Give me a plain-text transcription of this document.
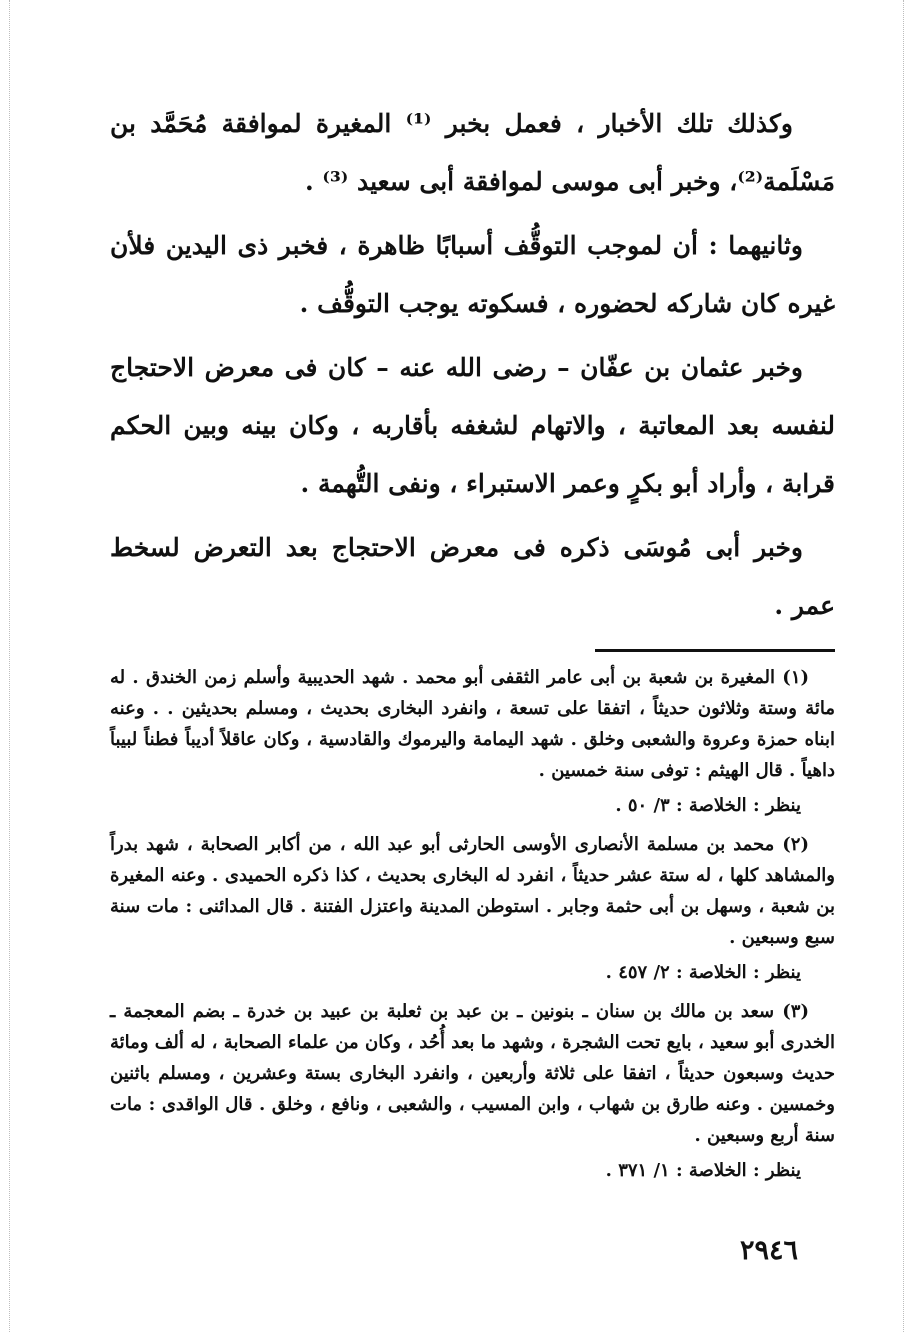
وكذلك تلك الأخبار ، فعمل بخبر ⁽¹⁾ المغيرة لموافقة مُحَمَّد بن مَسْلَمة⁽²⁾، وخبر أبى موسى لموافقة أبى سعيد ⁽³⁾ .

وثانيهما : أن لموجب التوقُّف أسبابًا ظاهرة ، فخبر ذى اليدين فلأن غيره كان شاركه لحضوره ، فسكوته يوجب التوقُّف .

وخبر عثمان بن عفّان – رضى الله عنه – كان فى معرض الاحتجاج لنفسه بعد المعاتبة ، والاتهام لشغفه بأقاربه ، وكان بينه وبين الحكم قرابة ، وأراد أبو بكرٍ وعمر الاستبراء ، ونفى التُّهمة .

وخبر أبى مُوسَى ذكره فى معرض الاحتجاج بعد التعرض لسخط عمر .

(١) المغيرة بن شعبة بن أبى عامر الثقفى أبو محمد . شهد الحديبية وأسلم زمن الخندق . له مائة وستة وثلاثون حديثاً ، اتفقا على تسعة ، وانفرد البخارى بحديث ، ومسلم بحديثين . . وعنه ابناه حمزة وعروة والشعبى وخلق . شهد اليمامة واليرموك والقادسية ، وكان عاقلاً أديباً فطناً لبيباً داهياً . قال الهيثم : توفى سنة خمسين .

ينظر : الخلاصة : ٣/ ٥٠ .

(٢) محمد بن مسلمة الأنصارى الأوسى الحارثى أبو عبد الله ، من أكابر الصحابة ، شهد بدراً والمشاهد كلها ، له ستة عشر حديثاً ، انفرد له البخارى بحديث ، كذا ذكره الحميدى . وعنه المغيرة بن شعبة ، وسهل بن أبى حثمة وجابر . استوطن المدينة واعتزل الفتنة . قال المدائنى : مات سنة سبع وسبعين .

ينظر : الخلاصة : ٢/ ٤٥٧ .

(٣) سعد بن مالك بن سنان ـ بنونين ـ بن عبد بن ثعلبة بن عبيد بن خدرة ـ بضم المعجمة ـ الخدرى أبو سعيد ، بايع تحت الشجرة ، وشهد ما بعد أُحُد ، وكان من علماء الصحابة ، له ألف ومائة حديث وسبعون حديثاً ، اتفقا على ثلاثة وأربعين ، وانفرد البخارى بستة وعشرين ، ومسلم باثنين وخمسين . وعنه طارق بن شهاب ، وابن المسيب ، والشعبى ، ونافع ، وخلق . قال الواقدى : مات سنة أربع وسبعين .

ينظر : الخلاصة : ١/ ٣٧١ .

٢٩٤٦
